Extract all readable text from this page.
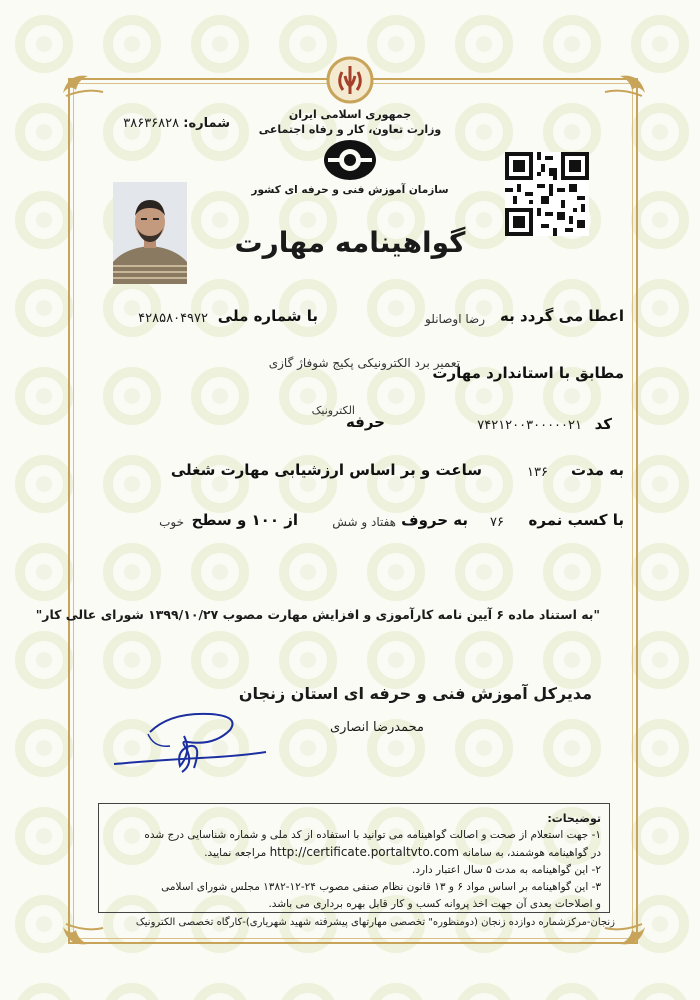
جمهوری اسلامی ایران
وزارت تعاون، کار و رفاه اجتماعی
شماره: ۳۸۶۳۶۸۲۸
سازمان آموزش فنی و حرفه ای کشور
گواهینامه مهارت
اعطا می گردد به
رضا اوصانلو
با شماره ملی
۴۲۸۵۸۰۴۹۷۲
تعمیر برد الکترونیکی پکیج شوفاژ گازی
مطابق با استاندارد مهارت
کد
۷۴۲۱۲۰۰۳۰۰۰۰۰۲۱
حرفه
الکترونیک
به مدت
۱۳۶
ساعت و بر اساس ارزشیابی مهارت شغلی
با کسب نمره
۷۶
به حروف
هفتاد و شش
از ۱۰۰ و سطح
خوب
"به استناد ماده ۶ آیین نامه کارآموزی و افزایش مهارت مصوب ۱۳۹۹/۱۰/۲۷ شورای عالی کار"
مدیرکل آموزش فنی و حرفه ای استان زنجان
محمدرضا انصاری
توضیحات:
۱- جهت استعلام از صحت و اصالت گواهینامه می توانید با استفاده از کد ملی و شماره شناسایی درج شده
در گواهینامه هوشمند، به سامانه http://certificate.portaltvto.com مراجعه نمایید.
۲- این گواهینامه به مدت ۵ سال اعتبار دارد.
۳- این گواهینامه بر اساس مواد ۶ و ۱۳ قانون نظام صنفی مصوب ۲۴-۱۲-۱۳۸۲ مجلس شورای اسلامی
و اصلاحات بعدی آن جهت اخذ پروانه کسب و کار قابل بهره برداری می باشد.
زنجان-مرکزشماره دوازده زنجان (دومنظوره" تخصصی مهارتهای پیشرفته شهید شهریاری)-کارگاه تخصصی الکترونیک
